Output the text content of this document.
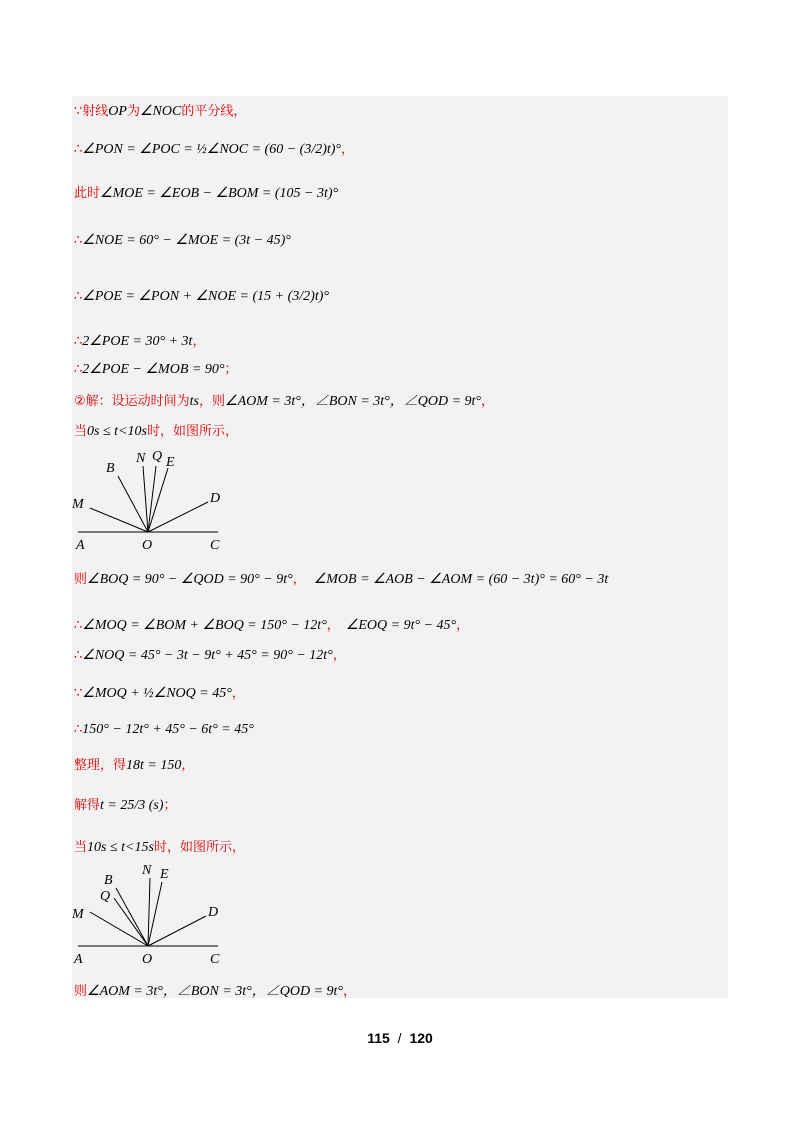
∵射线OP为∠NOC的平分线，
∴∠PON = ∠POC = ½∠NOC = (60 − (3/2)t)°，
此时∠MOE = ∠EOB − ∠BOM = (105 − 3t)°
∴∠NOE = 60° − ∠MOE = (3t − 45)°
∴∠POE = ∠PON + ∠NOE = (15 + (3/2)t)°
∴2∠POE = 30° + 3t，
∴2∠POE − ∠MOB = 90°；
②解：设运动时间为ts，则∠AOM = 3t°，∠BON = 3t°，∠QOD = 9t°，
当0s ≤ t<10s时，如图所示，
A	O	C
M
B
N Q E
D
则∠BOQ = 90° − ∠QOD = 90° − 9t°， ∠MOB = ∠AOB − ∠AOM = (60 − 3t)° = 60° − 3t
∴∠MOQ = ∠BOM + ∠BOQ = 150° − 12t°， ∠EOQ = 9t° − 45°，
∴∠NOQ = 45° − 3t − 9t° + 45° = 90° − 12t°，
∵∠MOQ + ½∠NOQ = 45°，
∴150° − 12t° + 45° − 6t° = 45°
整理，得18t = 150，
解得t = 25/3 (s)；
当10s ≤ t<15s时，如图所示，
A	O	C
M
B
Q
N E
D
则∠AOM = 3t°，∠BON = 3t°，∠QOD = 9t°，
115 / 120
